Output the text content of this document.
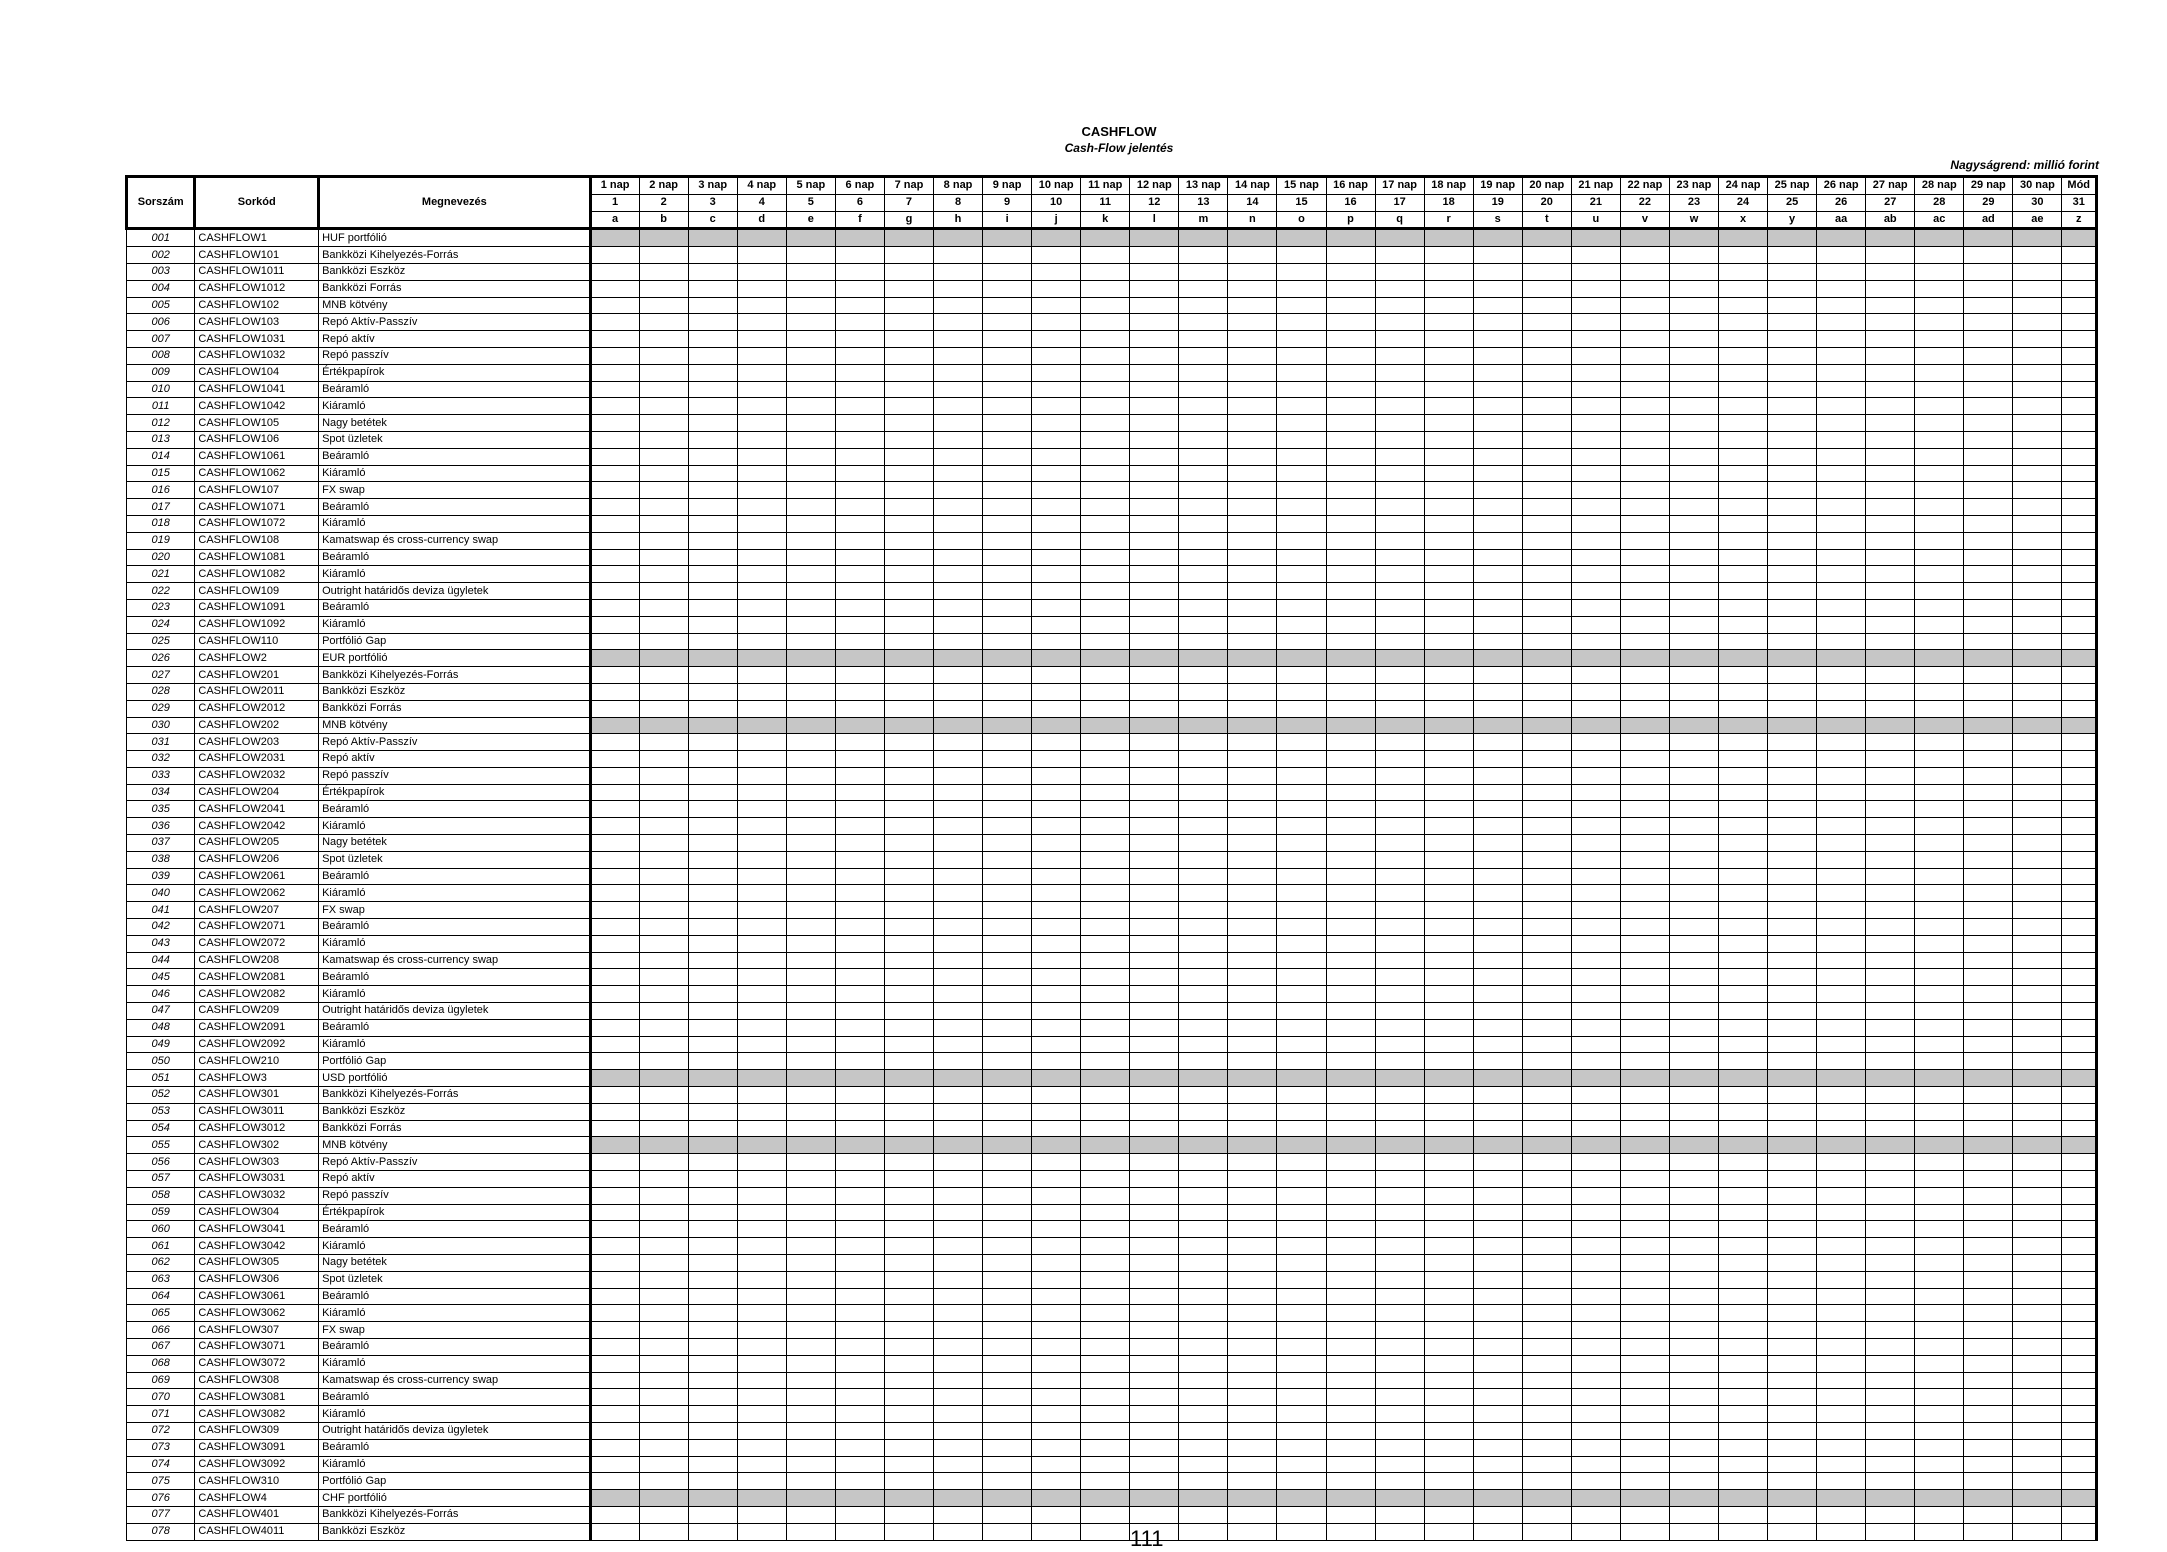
CASHFLOW
Cash-Flow jelentés
Nagyságrend: millió forint
Sorszám	Sorkód	Megnevezés	1 nap	2 nap	3 nap	4 nap	5 nap	6 nap	7 nap	8 nap	9 nap	10 nap	11 nap	12 nap	13 nap	14 nap	15 nap	16 nap	17 nap	18 nap	19 nap	20 nap	21 nap	22 nap	23 nap	24 nap	25 nap	26 nap	27 nap	28 nap	29 nap	30 nap	Mód
			1	2	3	4	5	6	7	8	9	10	11	12	13	14	15	16	17	18	19	20	21	22	23	24	25	26	27	28	29	30	31
			a	b	c	d	e	f	g	h	i	j	k	l	m	n	o	p	q	r	s	t	u	v	w	x	y	aa	ab	ac	ad	ae	z
001	CASHFLOW1	HUF portfólió																															
002	CASHFLOW101	Bankközi Kihelyezés-Forrás																															
003	CASHFLOW1011	Bankközi Eszköz																															
004	CASHFLOW1012	Bankközi Forrás																															
005	CASHFLOW102	MNB kötvény																															
006	CASHFLOW103	Repó Aktív-Passzív																															
007	CASHFLOW1031	Repó aktív																															
008	CASHFLOW1032	Repó passzív																															
009	CASHFLOW104	Értékpapírok																															
010	CASHFLOW1041	Beáramló																															
011	CASHFLOW1042	Kiáramló																															
012	CASHFLOW105	Nagy betétek																															
013	CASHFLOW106	Spot üzletek																															
014	CASHFLOW1061	Beáramló																															
015	CASHFLOW1062	Kiáramló																															
016	CASHFLOW107	FX swap																															
017	CASHFLOW1071	Beáramló																															
018	CASHFLOW1072	Kiáramló																															
019	CASHFLOW108	Kamatswap és cross-currency swap																															
020	CASHFLOW1081	Beáramló																															
021	CASHFLOW1082	Kiáramló																															
022	CASHFLOW109	Outright határidős deviza ügyletek																															
023	CASHFLOW1091	Beáramló																															
024	CASHFLOW1092	Kiáramló																															
025	CASHFLOW110	Portfólió Gap																															
026	CASHFLOW2	EUR portfólió																															
027	CASHFLOW201	Bankközi Kihelyezés-Forrás																															
028	CASHFLOW2011	Bankközi Eszköz																															
029	CASHFLOW2012	Bankközi Forrás																															
030	CASHFLOW202	MNB kötvény																															
031	CASHFLOW203	Repó Aktív-Passzív																															
032	CASHFLOW2031	Repó aktív																															
033	CASHFLOW2032	Repó passzív																															
034	CASHFLOW204	Értékpapírok																															
035	CASHFLOW2041	Beáramló																															
036	CASHFLOW2042	Kiáramló																															
037	CASHFLOW205	Nagy betétek																															
038	CASHFLOW206	Spot üzletek																															
039	CASHFLOW2061	Beáramló																															
040	CASHFLOW2062	Kiáramló																															
041	CASHFLOW207	FX swap																															
042	CASHFLOW2071	Beáramló																															
043	CASHFLOW2072	Kiáramló																															
044	CASHFLOW208	Kamatswap és cross-currency swap																															
045	CASHFLOW2081	Beáramló																															
046	CASHFLOW2082	Kiáramló																															
047	CASHFLOW209	Outright határidős deviza ügyletek																															
048	CASHFLOW2091	Beáramló																															
049	CASHFLOW2092	Kiáramló																															
050	CASHFLOW210	Portfólió Gap																															
051	CASHFLOW3	USD portfólió																															
052	CASHFLOW301	Bankközi Kihelyezés-Forrás																															
053	CASHFLOW3011	Bankközi Eszköz																															
054	CASHFLOW3012	Bankközi Forrás																															
055	CASHFLOW302	MNB kötvény																															
056	CASHFLOW303	Repó Aktív-Passzív																															
057	CASHFLOW3031	Repó aktív																															
058	CASHFLOW3032	Repó passzív																															
059	CASHFLOW304	Értékpapírok																															
060	CASHFLOW3041	Beáramló																															
061	CASHFLOW3042	Kiáramló																															
062	CASHFLOW305	Nagy betétek																															
063	CASHFLOW306	Spot üzletek																															
064	CASHFLOW3061	Beáramló																															
065	CASHFLOW3062	Kiáramló																															
066	CASHFLOW307	FX swap																															
067	CASHFLOW3071	Beáramló																															
068	CASHFLOW3072	Kiáramló																															
069	CASHFLOW308	Kamatswap és cross-currency swap																															
070	CASHFLOW3081	Beáramló																															
071	CASHFLOW3082	Kiáramló																															
072	CASHFLOW309	Outright határidős deviza ügyletek																															
073	CASHFLOW3091	Beáramló																															
074	CASHFLOW3092	Kiáramló																															
075	CASHFLOW310	Portfólió Gap																															
076	CASHFLOW4	CHF portfólió																															
077	CASHFLOW401	Bankközi Kihelyezés-Forrás																															
078	CASHFLOW4011	Bankközi Eszköz																																111
